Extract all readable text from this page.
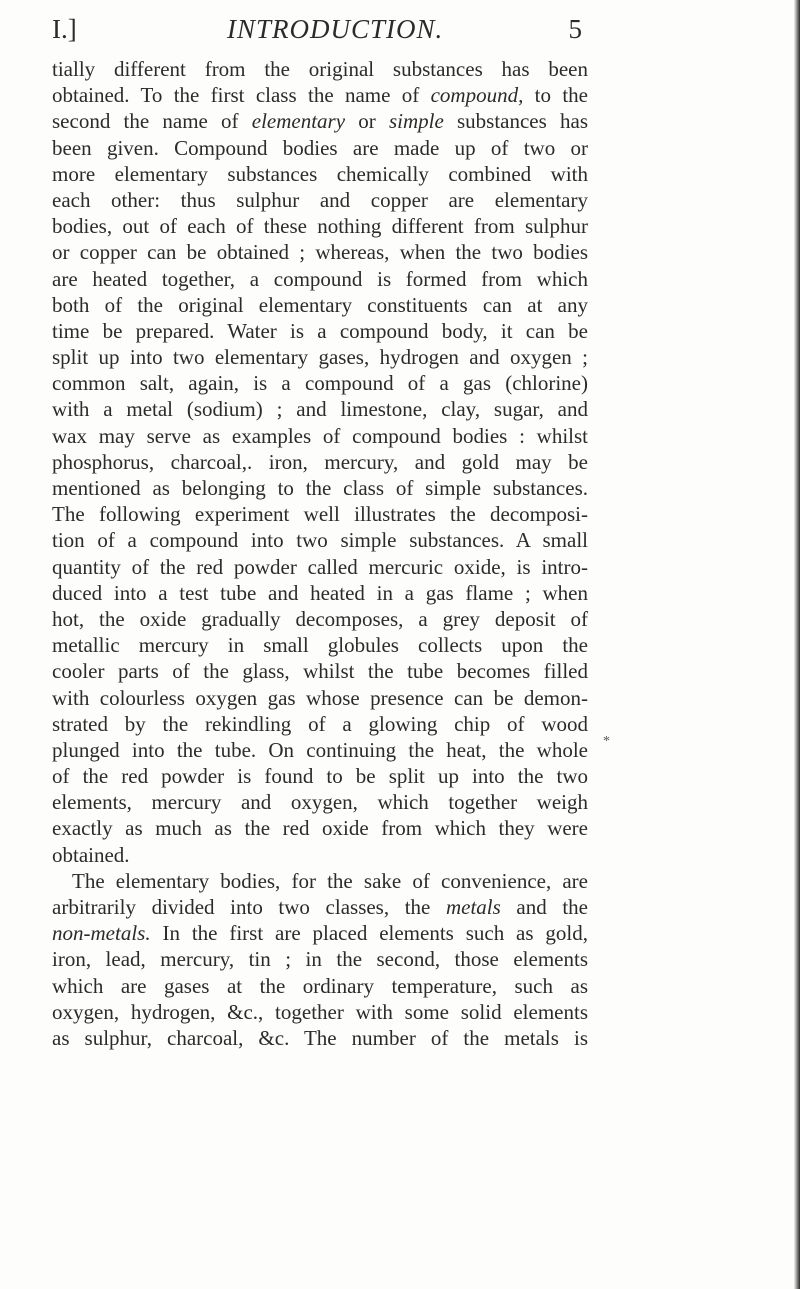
I.]	INTRODUCTION.	5
tially different from the original substances has been
obtained. To the first class the name of compound, to the
second the name of elementary or simple substances has
been given. Compound bodies are made up of two or
more elementary substances chemically combined with
each other: thus sulphur and copper are elementary
bodies, out of each of these nothing different from sulphur
or copper can be obtained ; whereas, when the two bodies
are heated together, a compound is formed from which
both of the original elementary constituents can at any
time be prepared. Water is a compound body, it can be
split up into two elementary gases, hydrogen and oxygen ;
common salt, again, is a compound of a gas (chlorine)
with a metal (sodium) ; and limestone, clay, sugar, and
wax may serve as examples of compound bodies : whilst
phosphorus, charcoal,. iron, mercury, and gold may be
mentioned as belonging to the class of simple substances.
The following experiment well illustrates the decomposi-
tion of a compound into two simple substances. A small
quantity of the red powder called mercuric oxide, is intro-
duced into a test tube and heated in a gas flame ; when
hot, the oxide gradually decomposes, a grey deposit of
metallic mercury in small globules collects upon the
cooler parts of the glass, whilst the tube becomes filled
with colourless oxygen gas whose presence can be demon-
strated by the rekindling of a glowing chip of wood
plunged into the tube. On continuing the heat, the whole
of the red powder is found to be split up into the two
elements, mercury and oxygen, which together weigh
exactly as much as the red oxide from which they were
obtained.
The elementary bodies, for the sake of convenience, are
arbitrarily divided into two classes, the metals and the
non-metals. In the first are placed elements such as gold,
iron, lead, mercury, tin ; in the second, those elements
which are gases at the ordinary temperature, such as
oxygen, hydrogen, &c., together with some solid elements
as sulphur, charcoal, &c. The number of the metals is
*
